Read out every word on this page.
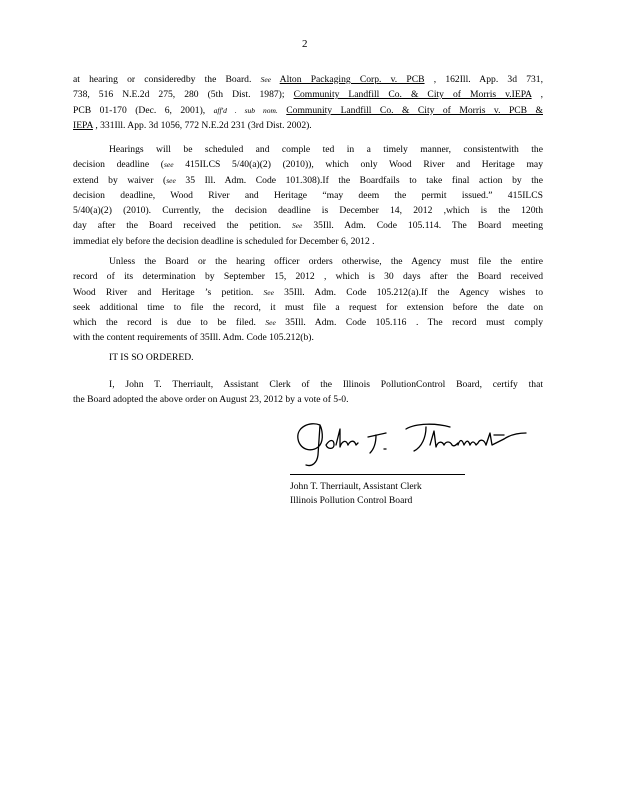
2
at hearing or consideredby the Board. See Alton Packaging Corp. v. PCB , 162Ill. App. 3d 731,
738, 516 N.E.2d 275, 280 (5th Dist. 1987); Community Landfill Co. & City of Morris v.IEPA ,
PCB 01-170 (Dec. 6, 2001), aff'd . sub nom. Community Landfill Co. & City of Morris v. PCB &
IEPA , 331Ill. App. 3d 1056, 772 N.E.2d 231 (3rd Dist. 2002).
Hearings will be scheduled and comple ted in a timely manner, consistentwith the
decision deadline (see 415ILCS 5/40(a)(2) (2010)), which only Wood River and Heritage may
extend by waiver (see 35 Ill. Adm. Code 101.308).If the Boardfails to take final action by the
decision deadline, Wood River and Heritage “may deem the permit issued.” 415ILCS
5/40(a)(2) (2010). Currently, the decision deadline is December 14, 2012 ,which is the 120th
day after the Board received the petition. See 35Ill. Adm. Code 105.114. The Board meeting
immediat ely before the decision deadline is scheduled for December 6, 2012 .
Unless the Board or the hearing officer orders otherwise, the Agency must file the entire
record of its determination by September 15, 2012 , which is 30 days after the Board received
Wood River and Heritage ’s petition. See 35Ill. Adm. Code 105.212(a).If the Agency wishes to
seek additional time to file the record, it must file a request for extension before the date on
which the record is due to be filed. See 35Ill. Adm. Code 105.116 . The record must comply
with the content requirements of 35Ill. Adm. Code 105.212(b).
IT IS SO ORDERED.
I, John T. Therriault, Assistant Clerk of the Illinois PollutionControl Board, certify that
the Board adopted the above order on August 23, 2012 by a vote of 5-0.
John T. Therriault, Assistant Clerk
Illinois Pollution Control Board
